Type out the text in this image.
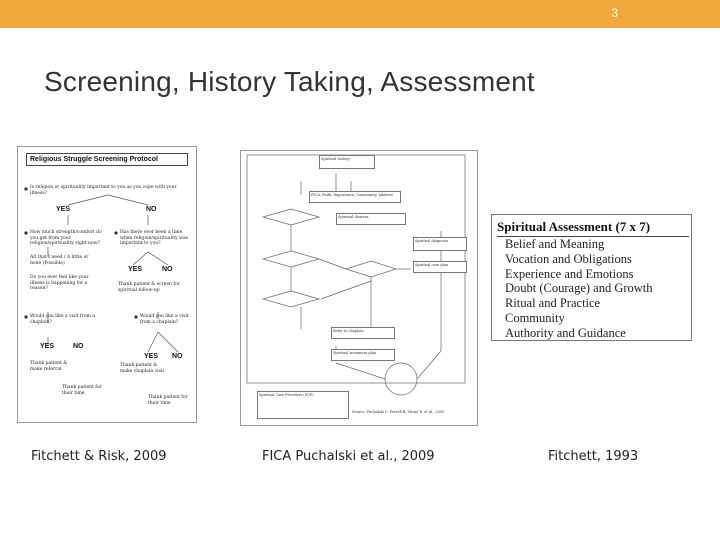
3
Screening, History Taking, Assessment
Religious Struggle Screening Protocol
Is religion or spirituality important to you as you cope with your illness?
YES	NO
How much strength/comfort do you get from your religion/spirituality right now?
Has there ever been a time when religion/spirituality was important to you?
All that I need / A little or none (Possible)
YES	NO
Do you ever feel like your illness is happening for a reason?
Thank patient & screen for spiritual follow-up
Would you like a visit from a chaplain?
YES	NO
Would you like a visit from a chaplain?
YES NO
Thank patient & make referral
Thank patient for their time
Thank patient & make chaplain visit
Thank patient for their time
Spiritual history
FICA: Faith, Importance, Community, Address
Spiritual distress
Spiritual diagnosis
Spiritual care plan
Refer to chaplain
Spiritual treatment plan
Spiritual Care Providers (SCP)
Source: Puchalski C, Ferrell B, Virani R, et al., 2009
Spiritual Assessment (7 x 7)
Belief and Meaning
Vocation and Obligations
Experience and Emotions
Doubt (Courage) and Growth
Ritual and Practice
Community
Authority and Guidance
Fitchett & Risk, 2009	FICA Puchalski et al., 2009	Fitchett, 1993
